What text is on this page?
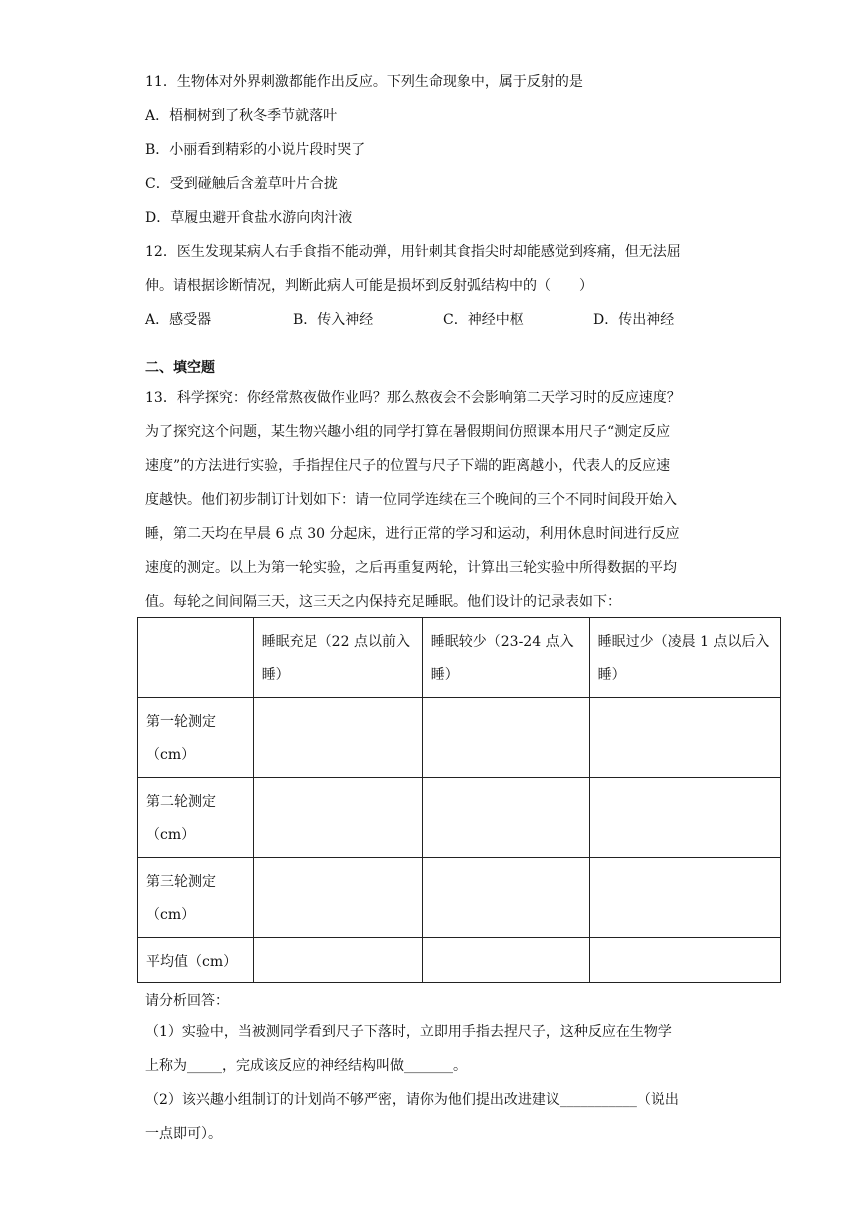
11．生物体对外界刺激都能作出反应。下列生命现象中，属于反射的是
A．梧桐树到了秋冬季节就落叶
B．小丽看到精彩的小说片段时哭了
C．受到碰触后含羞草叶片合拢
D．草履虫避开食盐水游向肉汁液
12．医生发现某病人右手食指不能动弹，用针刺其食指尖时却能感觉到疼痛，但无法屈
伸。请根据诊断情况，判断此病人可能是损坏到反射弧结构中的（　　）
A．感受器	B．传入神经	C．神经中枢	D．传出神经
二、填空题
13．科学探究：你经常熬夜做作业吗？那么熬夜会不会影响第二天学习时的反应速度？
为了探究这个问题，某生物兴趣小组的同学打算在暑假期间仿照课本用尺子“测定反应
速度”的方法进行实验，手指捏住尺子的位置与尺子下端的距离越小，代表人的反应速
度越快。他们初步制订计划如下：请一位同学连续在三个晚间的三个不同时间段开始入
睡，第二天均在早晨 6 点 30 分起床，进行正常的学习和运动，利用休息时间进行反应
速度的测定。以上为第一轮实验，之后再重复两轮，计算出三轮实验中所得数据的平均
值。每轮之间间隔三天，这三天之内保持充足睡眠。他们设计的记录表如下：
	睡眠充足（22 点以前入睡）	睡眠较少（23-24 点入睡）	睡眠过少（凌晨 1 点以后入睡）
第一轮测定（cm）			
第二轮测定（cm）			
第三轮测定（cm）			
平均值（cm）			
请分析回答：
（1）实验中，当被测同学看到尺子下落时，立即用手指去捏尺子，这种反应在生物学
上称为_____，完成该反应的神经结构叫做_______。
（2）该兴趣小组制订的计划尚不够严密，请你为他们提出改进建议___________（说出
一点即可）。
